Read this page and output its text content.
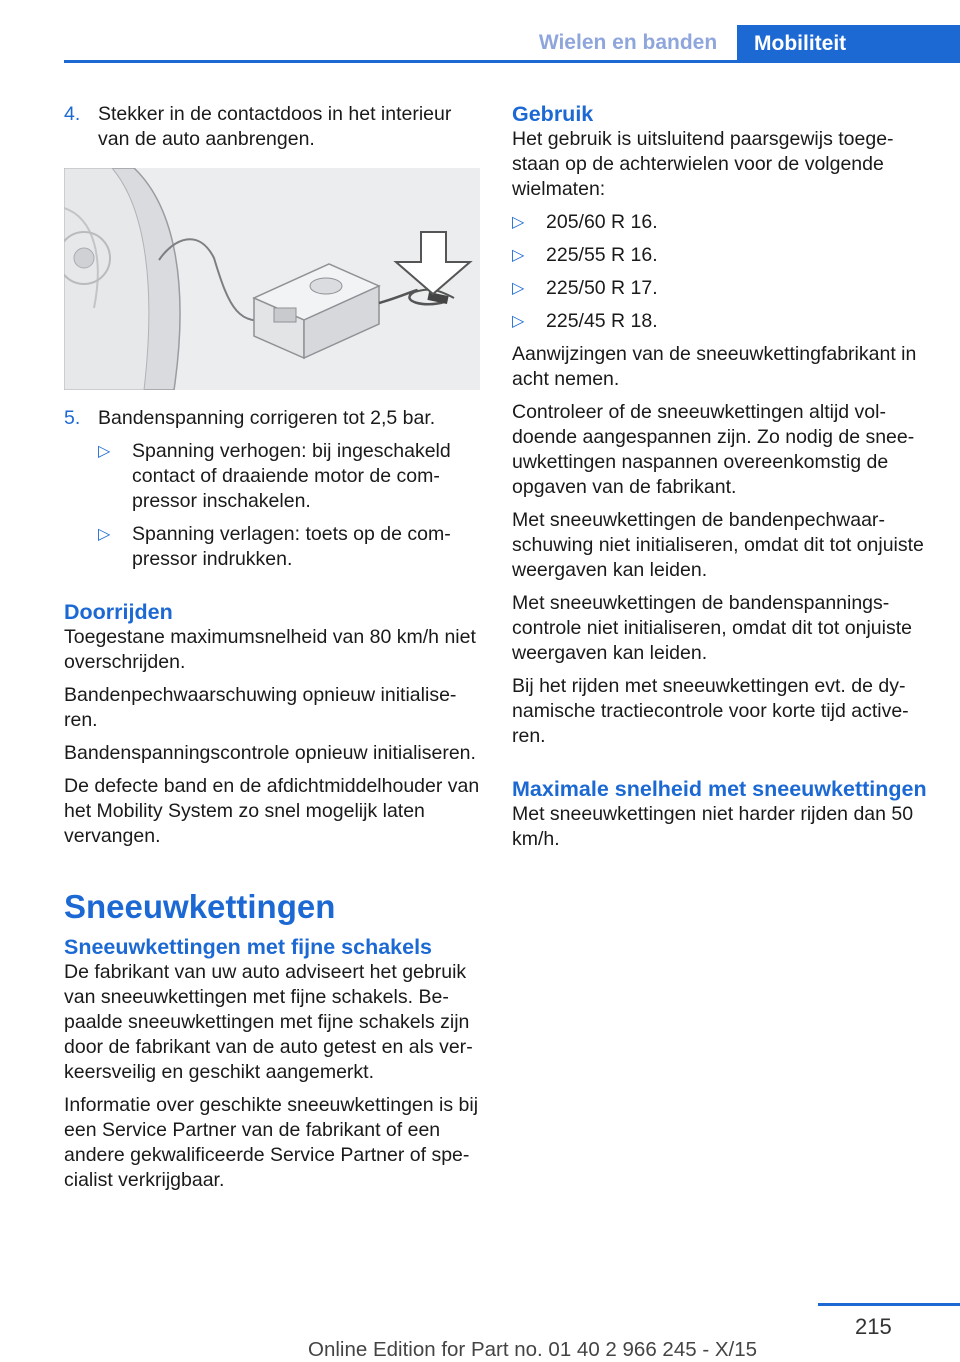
Wielen en banden	Mobiliteit
4. Stekker in de contactdoos in het interieur van de auto aanbrengen.
5. Bandenspanning corrigeren tot 2,5 bar.
▷	Spanning verhogen: bij ingeschakeld contact of draaiende motor de compressor inschakelen.
▷	Spanning verlagen: toets op de compressor indrukken.
Doorrijden

Toegestane maximumsnelheid van 80 km/h niet overschrijden.

Bandenpechwaarschuwing opnieuw initialiseren.

Bandenspanningscontrole opnieuw initialiseren.

De defecte band en de afdichtmiddelhouder van het Mobility System zo snel mogelijk laten vervangen.

Sneeuwkettingen
Sneeuwkettingen met fijne schakels

De fabrikant van uw auto adviseert het gebruik van sneeuwkettingen met fijne schakels. Bepaalde sneeuwkettingen met fijne schakels zijn door de fabrikant van de auto getest en als verkeersveilig en geschikt aangemerkt.

Informatie over geschikte sneeuwkettingen is bij een Service Partner van de fabrikant of een andere gekwalificeerde Service Partner of specialist verkrijgbaar.

Gebruik

Het gebruik is uitsluitend paarsgewijs toegestaan op de achterwielen voor de volgende wielmaten:

▷	205/60 R 16.
▷	225/55 R 16.
▷	225/50 R 17.
▷	225/45 R 18.

Aanwijzingen van de sneeuwkettingfabrikant in acht nemen.

Controleer of de sneeuwkettingen altijd voldoende aangespannen zijn. Zo nodig de sneeuwkettingen naspannen overeenkomstig de opgaven van de fabrikant.

Met sneeuwkettingen de bandenpechwaarschuwing niet initialiseren, omdat dit tot onjuiste weergaven kan leiden.

Met sneeuwkettingen de bandenspanningscontrole niet initialiseren, omdat dit tot onjuiste weergaven kan leiden.

Bij het rijden met sneeuwkettingen evt. de dynamische tractiecontrole voor korte tijd activeren.

Maximale snelheid met sneeuwkettingen

Met sneeuwkettingen niet harder rijden dan 50 km/h.

215
Online Edition for Part no. 01 40 2 966 245 - X/15
